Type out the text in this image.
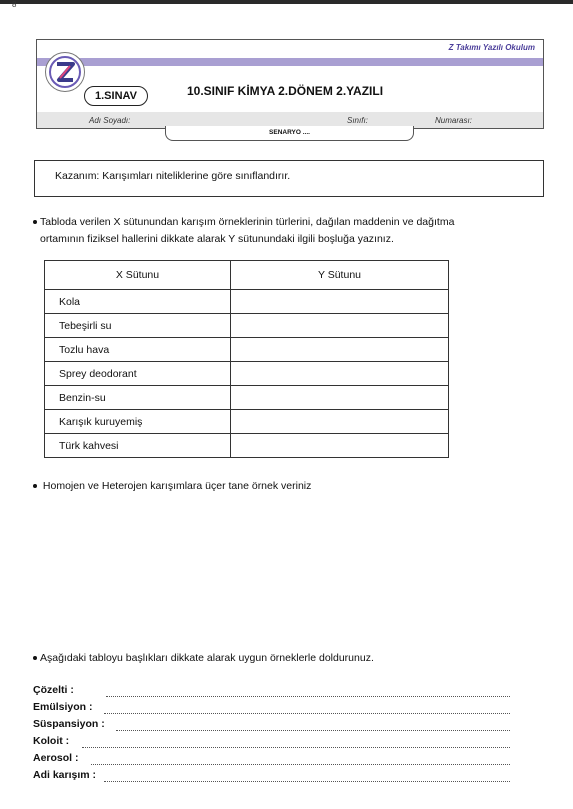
8
Z Takımı Yazılı Okulum
1.SINAV	10.SINIF KİMYA 2.DÖNEM 2.YAZILI
Adı Soyadı:	Sınıfı:	Numarası:
SENARYO ....
Kazanım: Karışımları niteliklerine göre sınıflandırır.
Tabloda verilen X sütunundan karışım örneklerinin türlerini, dağılan maddenin ve dağıtma
ortamının fiziksel hallerini dikkate alarak Y sütunundaki ilgili boşluğa yazınız.
X Sütunu	Y Sütunu
Kola	
Tebeşirli su	
Tozlu hava	
Sprey deodorant	
Benzin-su	
Karışık kuruyemiş	
Türk kahvesi	
Homojen ve Heterojen karışımlara üçer tane örnek veriniz
Aşağıdaki tabloyu başlıkları dikkate alarak uygun örneklerle doldurunuz.
Çözelti :
Emülsiyon :
Süspansiyon :
Koloit :
Aerosol :
Adi karışım :
